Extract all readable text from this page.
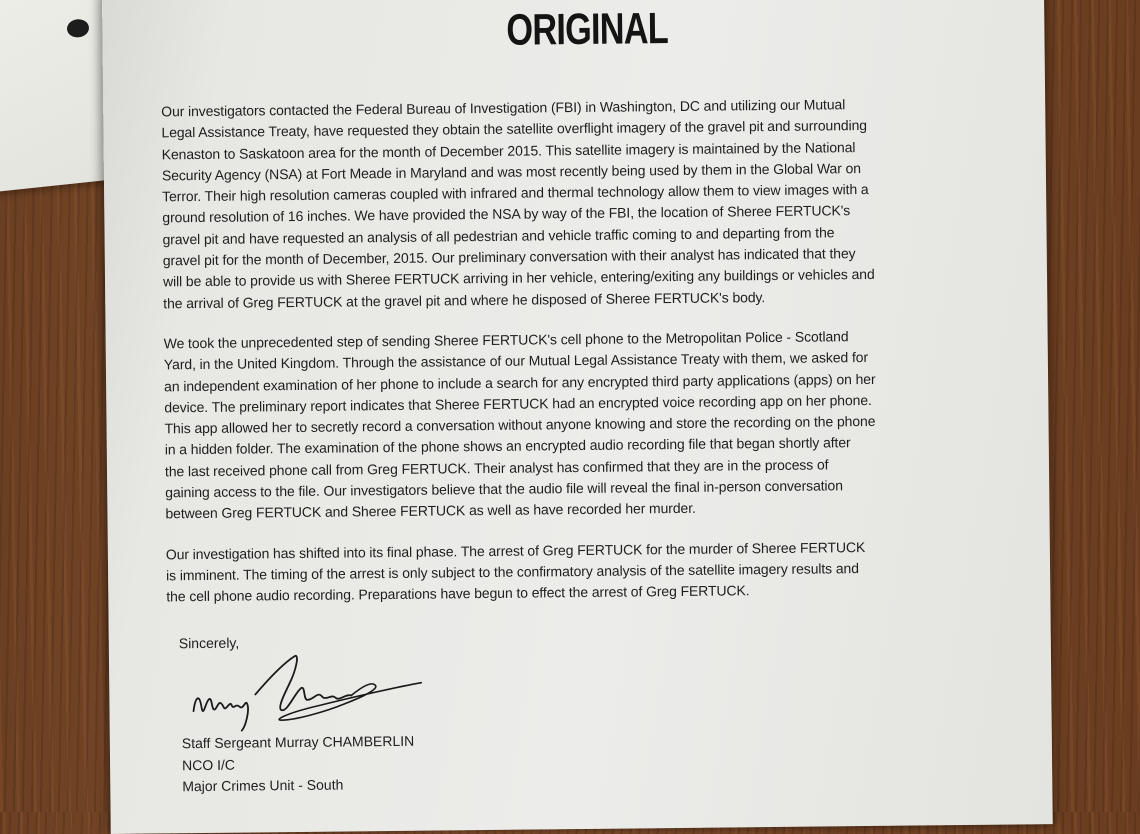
ORIGINAL

Our investigators contacted the Federal Bureau of Investigation (FBI) in Washington, DC and utilizing our Mutual
Legal Assistance Treaty, have requested they obtain the satellite overflight imagery of the gravel pit and surrounding
Kenaston to Saskatoon area for the month of December 2015. This satellite imagery is maintained by the National
Security Agency (NSA) at Fort Meade in Maryland and was most recently being used by them in the Global War on
Terror. Their high resolution cameras coupled with infrared and thermal technology allow them to view images with a
ground resolution of 16 inches. We have provided the NSA by way of the FBI, the location of Sheree FERTUCK's
gravel pit and have requested an analysis of all pedestrian and vehicle traffic coming to and departing from the
gravel pit for the month of December, 2015. Our preliminary conversation with their analyst has indicated that they
will be able to provide us with Sheree FERTUCK arriving in her vehicle, entering/exiting any buildings or vehicles and
the arrival of Greg FERTUCK at the gravel pit and where he disposed of Sheree FERTUCK's body.

We took the unprecedented step of sending Sheree FERTUCK's cell phone to the Metropolitan Police - Scotland
Yard, in the United Kingdom. Through the assistance of our Mutual Legal Assistance Treaty with them, we asked for
an independent examination of her phone to include a search for any encrypted third party applications (apps) on her
device. The preliminary report indicates that Sheree FERTUCK had an encrypted voice recording app on her phone.
This app allowed her to secretly record a conversation without anyone knowing and store the recording on the phone
in a hidden folder. The examination of the phone shows an encrypted audio recording file that began shortly after
the last received phone call from Greg FERTUCK. Their analyst has confirmed that they are in the process of
gaining access to the file. Our investigators believe that the audio file will reveal the final in-person conversation
between Greg FERTUCK and Sheree FERTUCK as well as have recorded her murder.

Our investigation has shifted into its final phase. The arrest of Greg FERTUCK for the murder of Sheree FERTUCK
is imminent. The timing of the arrest is only subject to the confirmatory analysis of the satellite imagery results and
the cell phone audio recording. Preparations have begun to effect the arrest of Greg FERTUCK.

Sincerely,
Staff Sergeant Murray CHAMBERLIN
NCO I/C
Major Crimes Unit - South
